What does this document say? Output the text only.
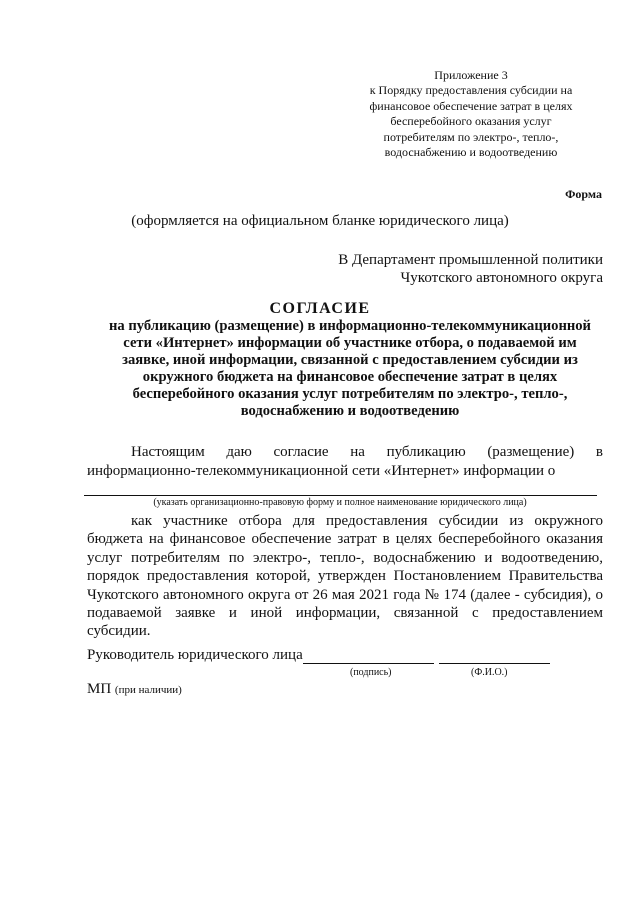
Приложение 3
к Порядку предоставления субсидии на
финансовое обеспечение затрат в целях
бесперебойного оказания услуг
потребителям по электро-, тепло-,
водоснабжению и водоотведению
Форма
(оформляется на официальном бланке юридического лица)
В Департамент промышленной политики
Чукотского автономного округа
СОГЛАСИЕ
на публикацию (размещение) в информационно-телекоммуникационной
сети «Интернет» информации об участнике отбора, о подаваемой им
заявке, иной информации, связанной с предоставлением субсидии из
окружного бюджета на финансовое обеспечение затрат в целях
бесперебойного оказания услуг потребителям по электро-, тепло-,
водоснабжению и водоотведению
Настоящим даю согласие на публикацию (размещение) в
информационно-телекоммуникационной сети «Интернет» информации о
(указать организационно-правовую форму и полное наименование юридического лица)
как участнике отбора для предоставления субсидии из окружного
бюджета на финансовое обеспечение затрат в целях бесперебойного оказания
услуг потребителям по электро-, тепло-, водоснабжению и водоотведению,
порядок предоставления которой, утвержден Постановлением Правительства
Чукотского автономного округа от 26 мая 2021 года № 174 (далее - субсидия), о
подаваемой заявке и иной информации, связанной с предоставлением
субсидии.
Руководитель юридического лица
(подпись)	(Ф.И.О.)
МП (при наличии)
